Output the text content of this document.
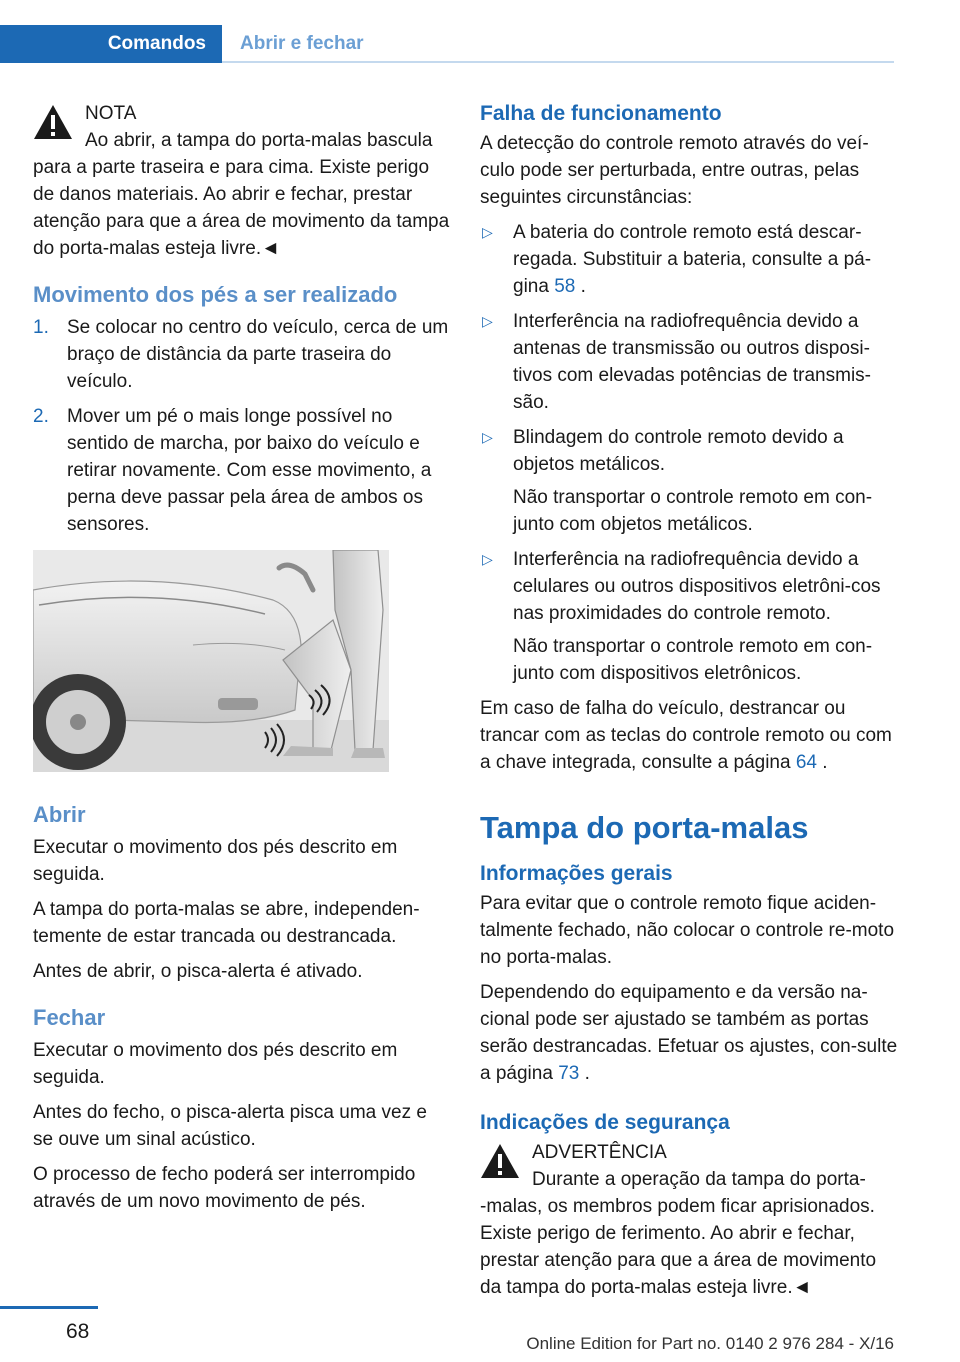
Comandos	Abrir e fechar
NOTA
Ao abrir, a tampa do porta-malas bascula
para a parte traseira e para cima. Existe perigo de danos materiais. Ao abrir e fechar, prestar atenção para que a área de movimento da tampa do porta-malas esteja livre.◄
Movimento dos pés a ser realizado
1. Se colocar no centro do veículo, cerca de um braço de distância da parte traseira do veículo.
2. Mover um pé o mais longe possível no sentido de marcha, por baixo do veículo e retirar novamente. Com esse movimento, a perna deve passar pela área de ambos os sensores.
Abrir

Executar o movimento dos pés descrito em seguida.

A tampa do porta-malas se abre, independen-temente de estar trancada ou destrancada.

Antes de abrir, o pisca-alerta é ativado.

Fechar

Executar o movimento dos pés descrito em seguida.

Antes do fecho, o pisca-alerta pisca uma vez e se ouve um sinal acústico.

O processo de fecho poderá ser interrompido através de um novo movimento de pés.

Falha de funcionamento

A detecção do controle remoto através do veí-culo pode ser perturbada, entre outras, pelas seguintes circunstâncias:

▷ A bateria do controle remoto está descar-regada. Substituir a bateria, consulte a pá-gina 58 .
▷ Interferência na radiofrequência devido a antenas de transmissão ou outros disposi-tivos com elevadas potências de transmis-são.
▷ Blindagem do controle remoto devido a objetos metálicos.
Não transportar o controle remoto em con-junto com objetos metálicos.
▷ Interferência na radiofrequência devido a celulares ou outros dispositivos eletrôni-cos nas proximidades do controle remoto.
Não transportar o controle remoto em con-junto com dispositivos eletrônicos.

Em caso de falha do veículo, destrancar ou trancar com as teclas do controle remoto ou com a chave integrada, consulte a página 64 .

Tampa do porta-malas
Informações gerais

Para evitar que o controle remoto fique aciden-talmente fechado, não colocar o controle re-moto no porta-malas.

Dependendo do equipamento e da versão na-cional pode ser ajustado se também as portas serão destrancadas. Efetuar os ajustes, con-sulte a página 73 .

Indicações de segurança
ADVERTÊNCIA
Durante a operação da tampa do porta-
-malas, os membros podem ficar aprisionados. Existe perigo de ferimento. Ao abrir e fechar, prestar atenção para que a área de movimento da tampa do porta-malas esteja livre.◄
68
Online Edition for Part no. 0140 2 976 284 - X/16
